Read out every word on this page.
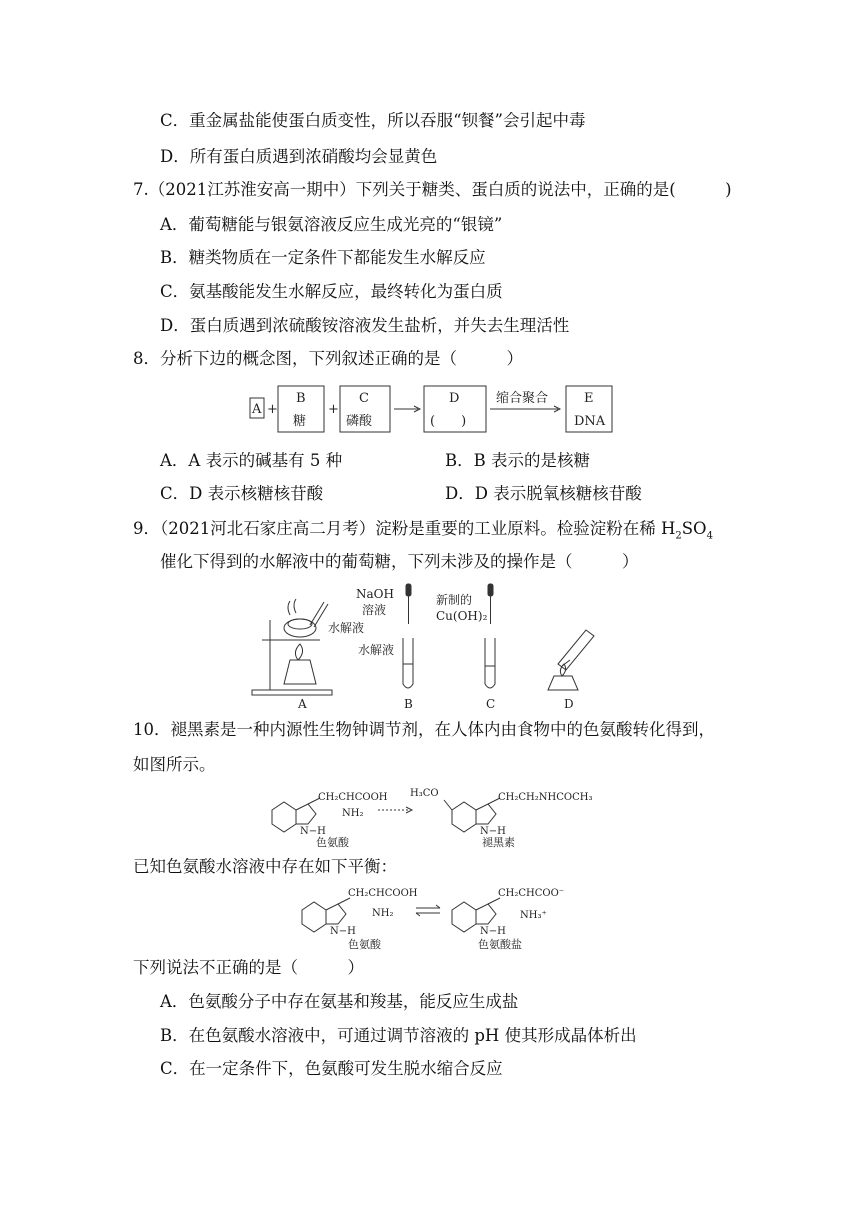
C．重金属盐能使蛋白质变性，所以吞服“钡餐”会引起中毒
D．所有蛋白质遇到浓硝酸均会显黄色
7.（2021江苏淮安高一期中）下列关于糖类、蛋白质的说法中，正确的是(　　　)
A．葡萄糖能与银氨溶液反应生成光亮的“银镜”
B．糖类物质在一定条件下都能发生水解反应
C．氨基酸能发生水解反应，最终转化为蛋白质
D．蛋白质遇到浓硫酸铵溶液发生盐析，并失去生理活性
8．分析下边的概念图，下列叙述正确的是（　　　）
A +
B
糖
+
C
磷酸
D
(　　)
缩合聚合	E
DNA
A．A 表示的碱基有 5 种	B．B 表示的是核糖
C．D 表示核糖核苷酸	D．D 表示脱氧核糖核苷酸
9．（2021河北石家庄高二月考）淀粉是重要的工业原料。检验淀粉在稀 $H_2SO_4$
催化下得到的水解液中的葡萄糖，下列未涉及的操作是（　　　）
水解液
NaOH
溶液
水解液
新制的
Cu(OH)₂
A	B	C	D
10．褪黑素是一种内源性生物钟调节剂，在人体内由食物中的色氨酸转化得到，
如图所示。
CH₂CHCOOH
NH₂
N−H
色氨酸
H₃CO	CH₂CH₂NHCOCH₃
N−H
褪黑素
已知色氨酸水溶液中存在如下平衡：
CH₂CHCOOH
NH₂
N−H
色氨酸
CH₂CHCOO⁻
NH₃⁺
N−H
色氨酸盐
下列说法不正确的是（　　　）
A．色氨酸分子中存在氨基和羧基，能反应生成盐
B．在色氨酸水溶液中，可通过调节溶液的 pH 使其形成晶体析出
C．在一定条件下，色氨酸可发生脱水缩合反应
